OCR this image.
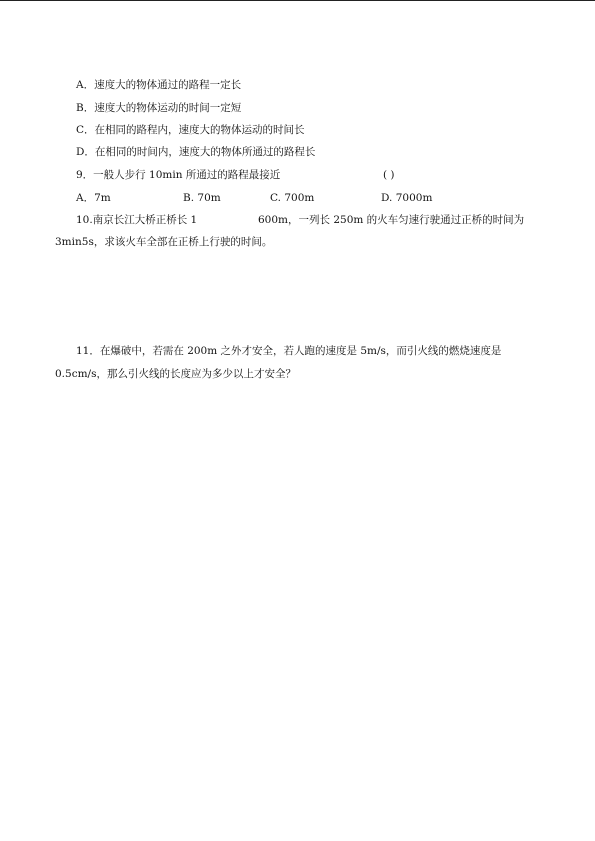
A．速度大的物体通过的路程一定长
B．速度大的物体运动的时间一定短
C．在相同的路程内，速度大的物体运动的时间长
D．在相同的时间内，速度大的物体所通过的路程长
9．一般人步行 10min 所通过的路程最接近	( )
A．7m	B. 70m	C. 700m	D. 7000m
10.南京长江大桥正桥长 1	600m，一列长 250m 的火车匀速行驶通过正桥的时间为
3min5s，求该火车全部在正桥上行驶的时间。
11．在爆破中，若需在 200m 之外才安全，若人跑的速度是 5m/s，而引火线的燃烧速度是
0.5cm/s，那么引火线的长度应为多少以上才安全？
